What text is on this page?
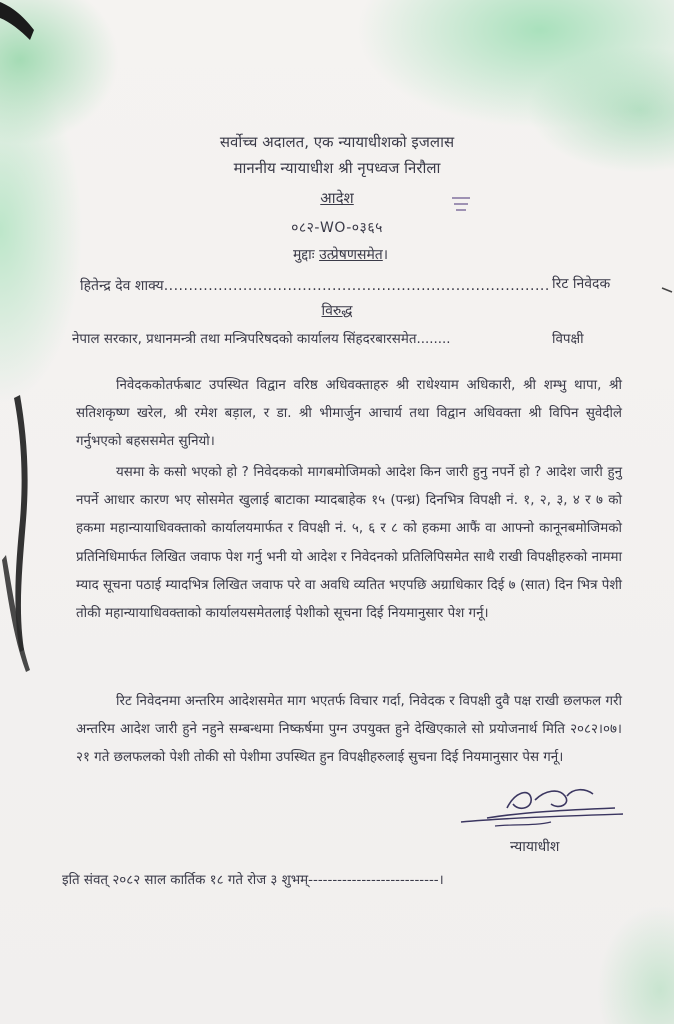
सर्वोच्च अदालत, एक न्यायाधीशको इजलास
माननीय न्यायाधीश श्री नृपध्वज निरौला
आदेश
०८२-WO-०३६५
मुद्दाः उत्प्रेषणसमेत।
हितेन्द्र देव शाक्य.............................................................................. रिट निवेदक
विरुद्ध
नेपाल सरकार, प्रधानमन्त्री तथा मन्त्रिपरिषदको कार्यालय सिंहदरबारसमेत........	विपक्षी
निवेदककोतर्फबाट उपस्थित विद्वान वरिष्ठ अधिवक्ताहरु श्री राधेश्याम अधिकारी, श्री शम्भु थापा, श्री सतिशकृष्ण खरेल, श्री रमेश बड़ाल, र डा. श्री भीमार्जुन आचार्य तथा विद्वान अधिवक्ता श्री विपिन सुवेदीले गर्नुभएको बहससमेत सुनियो।
यसमा के कसो भएको हो ? निवेदकको मागबमोजिमको आदेश किन जारी हुनु नपर्ने हो ? आदेश जारी हुनु नपर्ने आधार कारण भए सोसमेत खुलाई बाटाका म्यादबाहेक १५ (पन्ध्र) दिनभित्र विपक्षी नं. १, २, ३, ४ र ७ को हकमा महान्यायाधिवक्ताको कार्यालयमार्फत र विपक्षी नं. ५, ६ र ८ को हकमा आफैं वा आफ्नो कानूनबमोजिमको प्रतिनिधिमार्फत लिखित जवाफ पेश गर्नु भनी यो आदेश र निवेदनको प्रतिलिपिसमेत साथै राखी विपक्षीहरुको नाममा म्याद सूचना पठाई म्यादभित्र लिखित जवाफ परे वा अवधि व्यतित भएपछि अग्राधिकार दिई ७ (सात) दिन भित्र पेशी तोकी महान्यायाधिवक्ताको कार्यालयसमेतलाई पेशीको सूचना दिई नियमानुसार पेश गर्नू।
रिट निवेदनमा अन्तरिम आदेशसमेत माग भएतर्फ विचार गर्दा, निवेदक र विपक्षी दुवै पक्ष राखी छलफल गरी अन्तरिम आदेश जारी हुने नहुने सम्बन्धमा निष्कर्षमा पुग्न उपयुक्त हुने देखिएकाले सो प्रयोजनार्थ मिति २०८२।०७।२१ गते छलफलको पेशी तोकी सो पेशीमा उपस्थित हुन विपक्षीहरुलाई सुचना दिई नियमानुसार पेस गर्नू।
न्यायाधीश
इति संवत् २०८२ साल कार्तिक १८ गते रोज ३ शुभम्---------------------------।
